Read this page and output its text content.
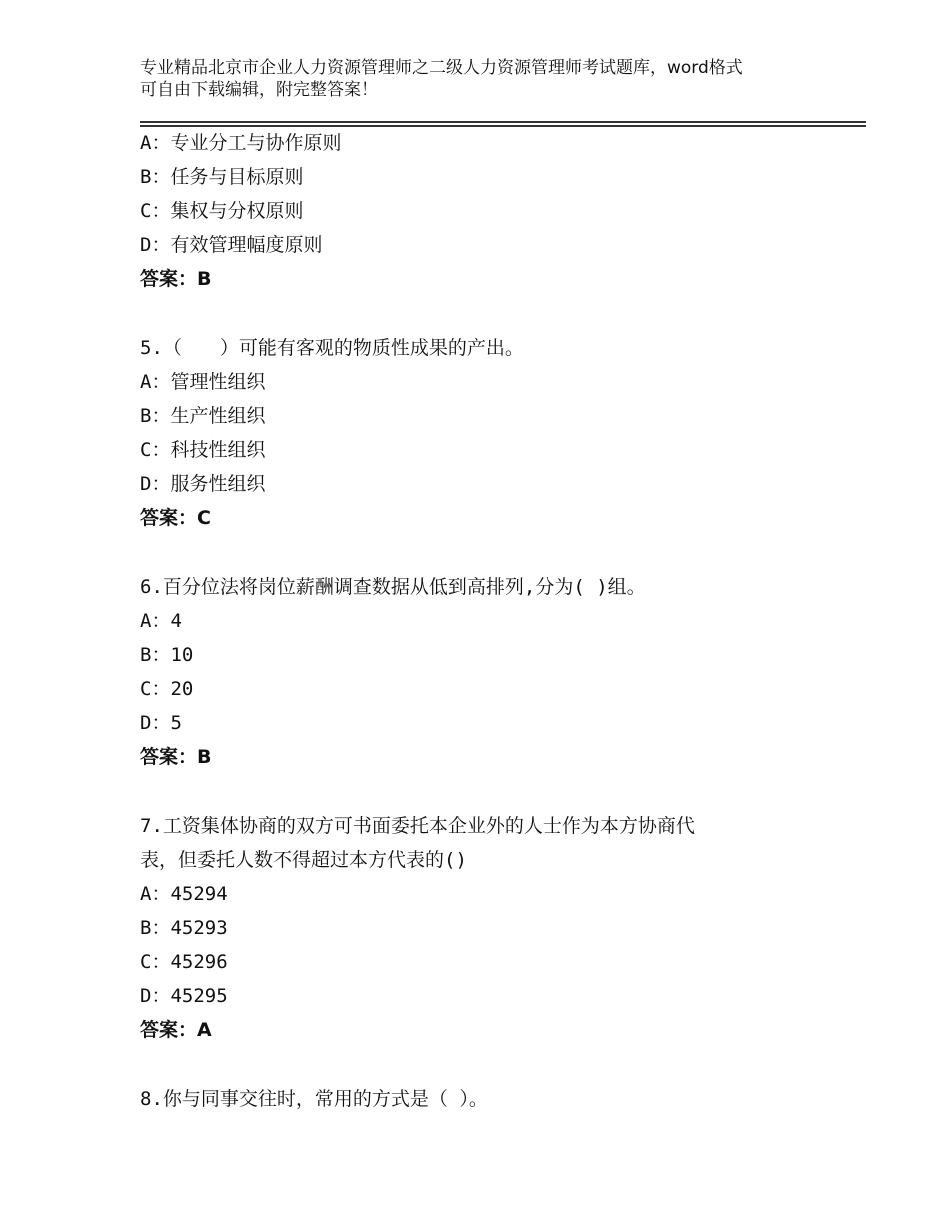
专业精品北京市企业人力资源管理师之二级人力资源管理师考试题库，word格式
可自由下载编辑，附完整答案！
A：专业分工与协作原则
B：任务与目标原则
C：集权与分权原则
D：有效管理幅度原则
答案：B
5.（　　）可能有客观的物质性成果的产出。
A：管理性组织
B：生产性组织
C：科技性组织
D：服务性组织
答案：C
6.百分位法将岗位薪酬调查数据从低到高排列,分为( )组。
A：4
B：10
C：20
D：5
答案：B
7.工资集体协商的双方可书面委托本企业外的人士作为本方协商代
表，但委托人数不得超过本方代表的()
A：45294
B：45293
C：45296
D：45295
答案：A
8.你与同事交往时，常用的方式是（ ）。
